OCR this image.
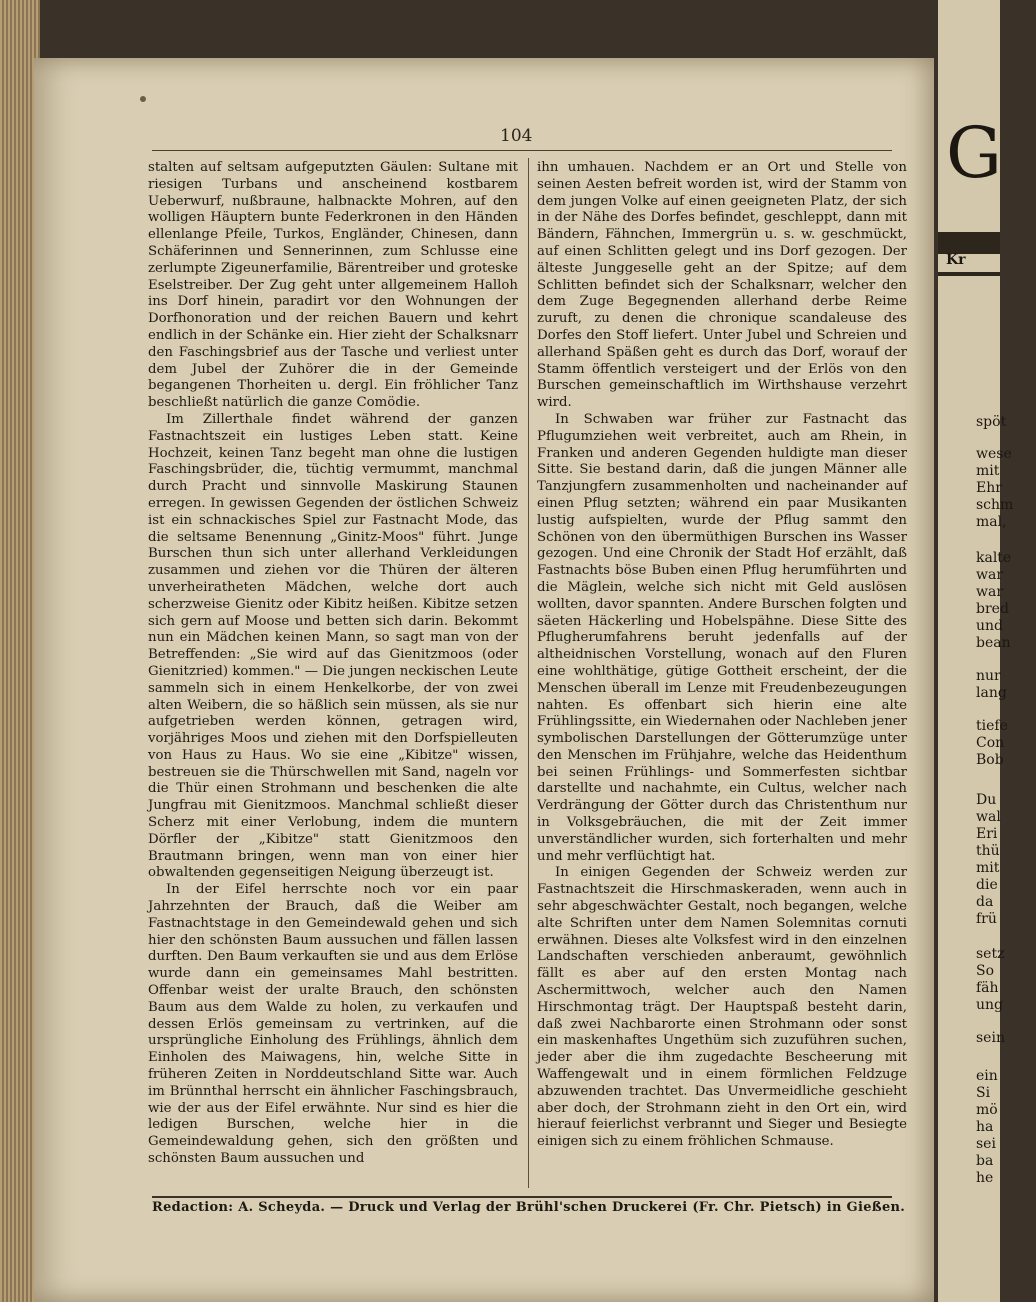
104

stalten auf seltsam aufgeputzten Gäulen: Sultane mit riesigen Turbans und anscheinend kostbarem Ueberwurf, nußbraune, halbnackte Mohren, auf den wolligen Häuptern bunte Federkronen in den Händen ellenlange Pfeile, Turkos, Engländer, Chinesen, dann Schäferinnen und Sennerinnen, zum Schlusse eine zerlumpte Zigeunerfamilie, Bärentreiber und groteske Eselstreiber. Der Zug geht unter allgemeinem Halloh ins Dorf hinein, paradirt vor den Wohnungen der Dorfhonoration und der reichen Bauern und kehrt endlich in der Schänke ein. Hier zieht der Schalksnarr den Faschingsbrief aus der Tasche und verliest unter dem Jubel der Zuhörer die in der Gemeinde begangenen Thorheiten u. dergl. Ein fröhlicher Tanz beschließt natürlich die ganze Comödie.

Im Zillerthale findet während der ganzen Fastnachtszeit ein lustiges Leben statt. Keine Hochzeit, keinen Tanz begeht man ohne die lustigen Faschingsbrüder, die, tüchtig vermummt, manchmal durch Pracht und sinnvolle Maskirung Staunen erregen. In gewissen Gegenden der östlichen Schweiz ist ein schnackisches Spiel zur Fastnacht Mode, das die seltsame Benennung „Ginitz-Moos" führt. Junge Burschen thun sich unter allerhand Verkleidungen zusammen und ziehen vor die Thüren der älteren unverheiratheten Mädchen, welche dort auch scherzweise Gienitz oder Kibitz heißen. Kibitze setzen sich gern auf Moose und betten sich darin. Bekommt nun ein Mädchen keinen Mann, so sagt man von der Betreffenden: „Sie wird auf das Gienitzmoos (oder Gienitzried) kommen." — Die jungen neckischen Leute sammeln sich in einem Henkelkorbe, der von zwei alten Weibern, die so häßlich sein müssen, als sie nur aufgetrieben werden können, getragen wird, vorjähriges Moos und ziehen mit den Dorfspielleuten von Haus zu Haus. Wo sie eine „Kibitze" wissen, bestreuen sie die Thürschwellen mit Sand, nageln vor die Thür einen Strohmann und beschenken die alte Jungfrau mit Gienitzmoos. Manchmal schließt dieser Scherz mit einer Verlobung, indem die muntern Dörfler der „Kibitze" statt Gienitzmoos den Brautmann bringen, wenn man von einer hier obwaltenden gegenseitigen Neigung überzeugt ist.

In der Eifel herrschte noch vor ein paar Jahrzehnten der Brauch, daß die Weiber am Fastnachtstage in den Gemeindewald gehen und sich hier den schönsten Baum aussuchen und fällen lassen durften. Den Baum verkauften sie und aus dem Erlöse wurde dann ein gemeinsames Mahl bestritten. Offenbar weist der uralte Brauch, den schönsten Baum aus dem Walde zu holen, zu verkaufen und dessen Erlös gemeinsam zu vertrinken, auf die ursprüngliche Einholung des Frühlings, ähnlich dem Einholen des Maiwagens, hin, welche Sitte in früheren Zeiten in Norddeutschland Sitte war. Auch im Brünnthal herrscht ein ähnlicher Faschingsbrauch, wie der aus der Eifel erwähnte. Nur sind es hier die ledigen Burschen, welche hier in die Gemeindewaldung gehen, sich den größten und schönsten Baum aussuchen und

ihn umhauen. Nachdem er an Ort und Stelle von seinen Aesten befreit worden ist, wird der Stamm von dem jungen Volke auf einen geeigneten Platz, der sich in der Nähe des Dorfes befindet, geschleppt, dann mit Bändern, Fähnchen, Immergrün u. s. w. geschmückt, auf einen Schlitten gelegt und ins Dorf gezogen. Der älteste Junggeselle geht an der Spitze; auf dem Schlitten befindet sich der Schalksnarr, welcher den dem Zuge Begegnenden allerhand derbe Reime zuruft, zu denen die chronique scandaleuse des Dorfes den Stoff liefert. Unter Jubel und Schreien und allerhand Späßen geht es durch das Dorf, worauf der Stamm öffentlich versteigert und der Erlös von den Burschen gemeinschaftlich im Wirthshause verzehrt wird.

In Schwaben war früher zur Fastnacht das Pflugumziehen weit verbreitet, auch am Rhein, in Franken und anderen Gegenden huldigte man dieser Sitte. Sie bestand darin, daß die jungen Männer alle Tanzjungfern zusammenholten und nacheinander auf einen Pflug setzten; während ein paar Musikanten lustig aufspielten, wurde der Pflug sammt den Schönen von den übermüthigen Burschen ins Wasser gezogen. Und eine Chronik der Stadt Hof erzählt, daß Fastnachts böse Buben einen Pflug herumführten und die Mäglein, welche sich nicht mit Geld auslösen wollten, davor spannten. Andere Burschen folgten und säeten Häckerling und Hobelspähne. Diese Sitte des Pflugherumfahrens beruht jedenfalls auf der altheidnischen Vorstellung, wonach auf den Fluren eine wohlthätige, gütige Gottheit erscheint, der die Menschen überall im Lenze mit Freudenbezeugungen nahten. Es offenbart sich hierin eine alte Frühlingssitte, ein Wiedernahen oder Nachleben jener symbolischen Darstellungen der Götterumzüge unter den Menschen im Frühjahre, welche das Heidenthum bei seinen Frühlings- und Sommerfesten sichtbar darstellte und nachahmte, ein Cultus, welcher nach Verdrängung der Götter durch das Christenthum nur in Volksgebräuchen, die mit der Zeit immer unverständlicher wurden, sich forterhalten und mehr und mehr verflüchtigt hat.

In einigen Gegenden der Schweiz werden zur Fastnachtszeit die Hirschmaskeraden, wenn auch in sehr abgeschwächter Gestalt, noch begangen, welche alte Schriften unter dem Namen Solemnitas cornuti erwähnen. Dieses alte Volksfest wird in den einzelnen Landschaften verschieden anberaumt, gewöhnlich fällt es aber auf den ersten Montag nach Aschermittwoch, welcher auch den Namen Hirschmontag trägt. Der Hauptspaß besteht darin, daß zwei Nachbarorte einen Strohmann oder sonst ein maskenhaftes Ungethüm sich zuzuführen suchen, jeder aber die ihm zugedachte Bescheerung mit Waffengewalt und in einem förmlichen Feldzuge abzuwenden trachtet. Das Unvermeidliche geschieht aber doch, der Strohmann zieht in den Ort ein, wird hierauf feierlichst verbrannt und Sieger und Besiegte einigen sich zu einem fröhlichen Schmause.

Redaction: A. Scheyda. — Druck und Verlag der Brühl'schen Druckerei (Fr. Chr. Pietsch) in Gießen.
G
Kr
spöt
wese
mit
Ehr
schm
mal,
kalte
war
war
bred
und
bean
nur
lang
tiefe
Con
Bob
Du
wal
Eri
thü
mit
die
da
frü
setz
So
fäh
ung
sein
ein
Si
mö
ha
sei
ba
he
